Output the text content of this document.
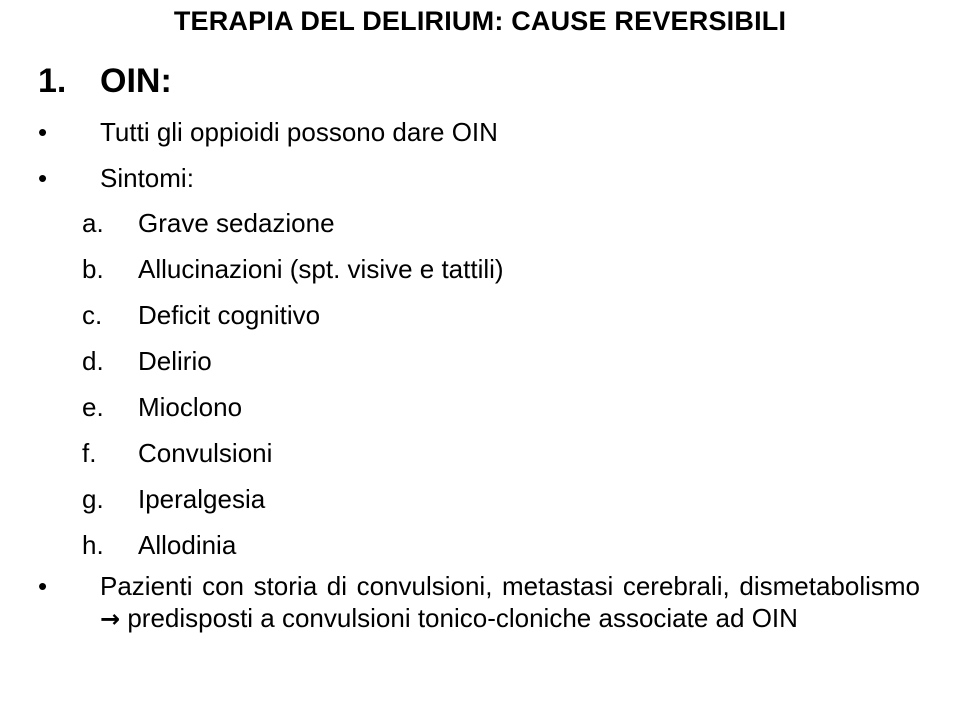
TERAPIA DEL DELIRIUM: CAUSE REVERSIBILI
1. OIN:
• Tutti gli oppioidi possono dare OIN
• Sintomi:
a. Grave sedazione
b. Allucinazioni (spt. visive e tattili)
c. Deficit cognitivo
d. Delirio
e. Mioclono
f. Convulsioni
g. Iperalgesia
h. Allodinia
• Pazienti con storia di convulsioni, metastasi cerebrali, dismetabolismo → predisposti a convulsioni tonico-cloniche associate ad OIN
